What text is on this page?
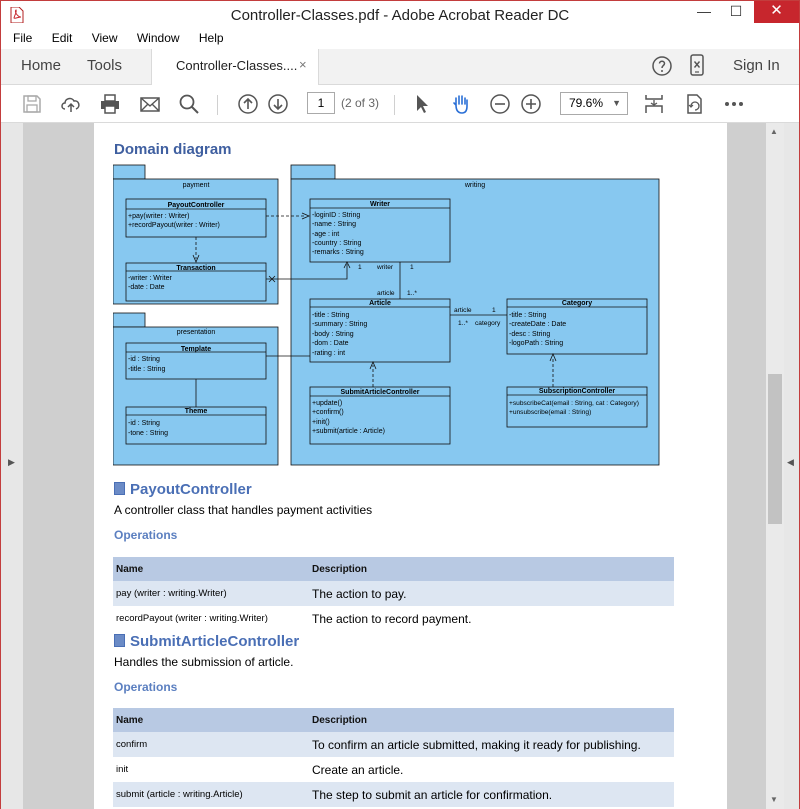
Controller-Classes.pdf - Adobe Acrobat Reader DC	—	☐	✕
File Edit View Window Help
Home Tools	Controller-Classes.... ×	Sign In
1	(2 of 3)	79.6% ▼
▶
Domain diagram
payment	writing
presentation
PayoutController
+pay(writer : Writer)
+recordPayout(writer : Writer)
Transaction
-writer : Writer
-date : Date
Writer
-loginID : String
-name : String
-age : int
-country : String
-remarks : String
Article
-title : String
-summary : String
-body : String
-dom : Date
-rating : int
Category
-title : String
-createDate : Date
-desc : String
-logoPath : String
SubmitArticleController
+update()
+confirm()
+init()
+submit(article : Article)
SubscriptionController
+subscribeCat(email : String, cat : Category)
+unsubscribe(email : String)
Template
-id : String
-title : String
Theme
-id : String
-tone : String
1	1
writer
article 1..*
article	1
1..* category
PayoutController
A controller class that handles payment activities
Operations
Name	Description
pay (writer : writing.Writer)	The action to pay.
recordPayout (writer : writing.Writer)	The action to record payment.
SubmitArticleController
Handles the submission of article.
Operations
Name	Description
confirm	To confirm an article submitted, making it ready for publishing.
init	Create an article.
submit (article : writing.Article)	The step to submit an article for confirmation.
▲
▼
◀
